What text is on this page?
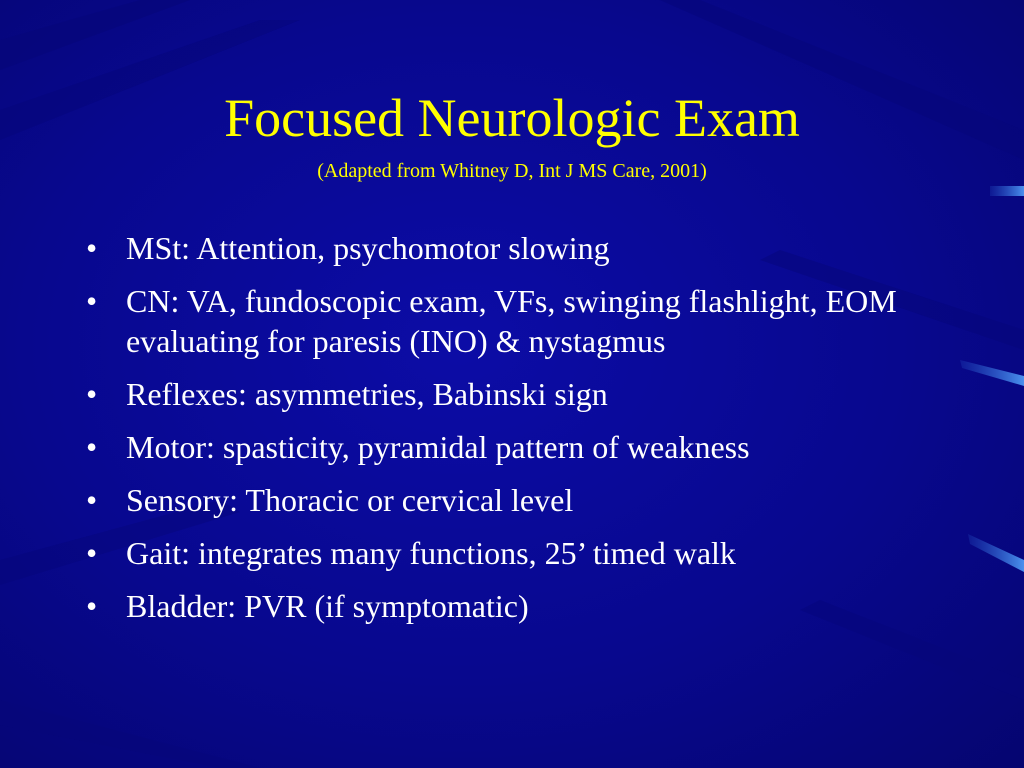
Focused Neurologic Exam

(Adapted from Whitney D, Int J MS Care, 2001)

• MSt: Attention, psychomotor slowing
• CN: VA, fundoscopic exam, VFs, swinging flashlight, EOM evaluating for paresis (INO) & nystagmus
• Reflexes: asymmetries, Babinski sign
• Motor: spasticity, pyramidal pattern of weakness
• Sensory: Thoracic or cervical level
• Gait: integrates many functions, 25’ timed walk
• Bladder: PVR (if symptomatic)
